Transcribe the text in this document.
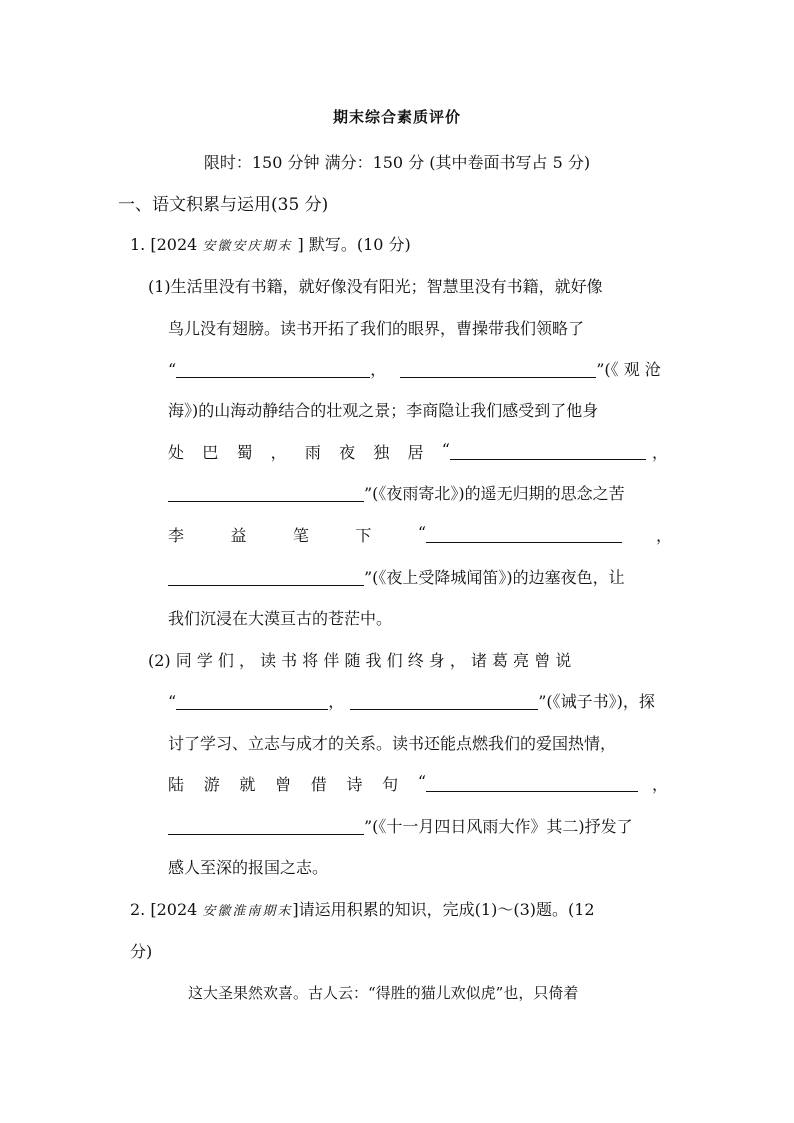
期末综合素质评价
限时：150 分钟 满分：150 分 (其中卷面书写占 5 分)
一、语文积累与运用(35 分)
1. [2024 安徽安庆期末 ] 默写。(10 分)
(1)生活里没有书籍，就好像没有阳光；智慧里没有书籍，就好像
鸟儿没有翅膀。读书开拓了我们的眼界，曹操带我们领略了
“	，	”(《 观 沧
海》)的山海动静结合的壮观之景；李商隐让我们感受到了他身
处 巴 蜀 ， 雨 夜 独 居 “	，
”(《夜雨寄北》)的遥无归期的思念之苦
李	益	笔	下	“	，
”(《夜上受降城闻笛》)的边塞夜色，让
我们沉浸在大漠亘古的苍茫中。
(2) 同 学 们 ， 读 书 将 伴 随 我 们 终 身 ， 诸 葛 亮 曾 说
“	，	”(《诫子书》)，探
讨了学习、立志与成才的关系。读书还能点燃我们的爱国热情，
陆 游 就 曾 借 诗 句 “	，
”(《十一月四日风雨大作》其二)抒发了
感人至深的报国之志。
2. [2024 安徽淮南期末]请运用积累的知识，完成(1)～(3)题。(12
分)
这大圣果然欢喜。古人云：“得胜的猫儿欢似虎”也，只倚着
